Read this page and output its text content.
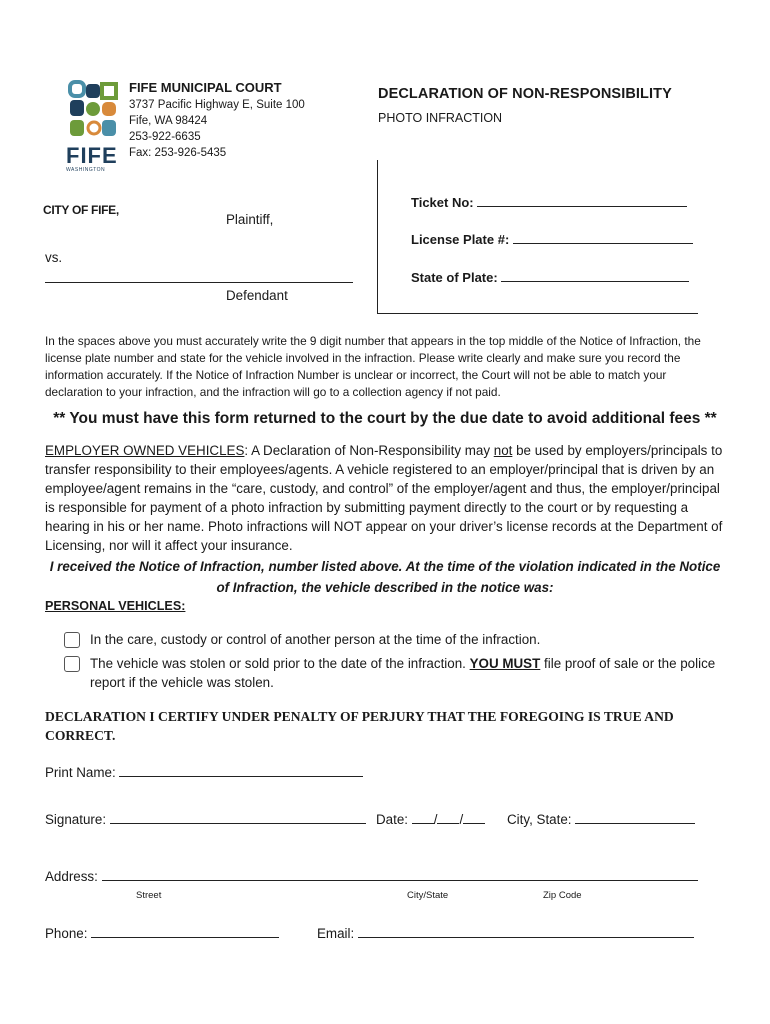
FIFE
WASHINGTON
FIFE MUNICIPAL COURT
3737 Pacific Highway E, Suite 100
Fife, WA 98424
253-922-6635
Fax: 253-926-5435
DECLARATION OF NON-RESPONSIBILITY
PHOTO INFRACTION
CITY OF FIFE,
Plaintiff,
vs.
Defendant
Ticket No:
License Plate #:
State of Plate:
In the spaces above you must accurately write the 9 digit number that appears in the top middle of the Notice of Infraction, the license plate number and state for the vehicle involved in the infraction. Please write clearly and make sure you record the information accurately. If the Notice of Infraction Number is unclear or incorrect, the Court will not be able to match your declaration to your infraction, and the infraction will go to a collection agency if not paid.
** You must have this form returned to the court by the due date to avoid additional fees **
EMPLOYER OWNED VEHICLES: A Declaration of Non-Responsibility may not be used by employers/principals to transfer responsibility to their employees/agents. A vehicle registered to an employer/principal that is driven by an employee/agent remains in the “care, custody, and control” of the employer/agent and thus, the employer/principal is responsible for payment of a photo infraction by submitting payment directly to the court or by requesting a hearing in his or her name. Photo infractions will NOT appear on your driver’s license records at the Department of Licensing, nor will it affect your insurance.
I received the Notice of Infraction, number listed above. At the time of the violation indicated in the Notice of Infraction, the vehicle described in the notice was:
PERSONAL VEHICLES:
In the care, custody or control of another person at the time of the infraction.
The vehicle was stolen or sold prior to the date of the infraction. YOU MUST file proof of sale or the police report if the vehicle was stolen.
DECLARATION I CERTIFY UNDER PENALTY OF PERJURY THAT THE FOREGOING IS TRUE AND CORRECT.
Print Name:
Signature:	Date: / /	City, State:
Address:
Street	City/State	Zip Code
Phone:	Email:
